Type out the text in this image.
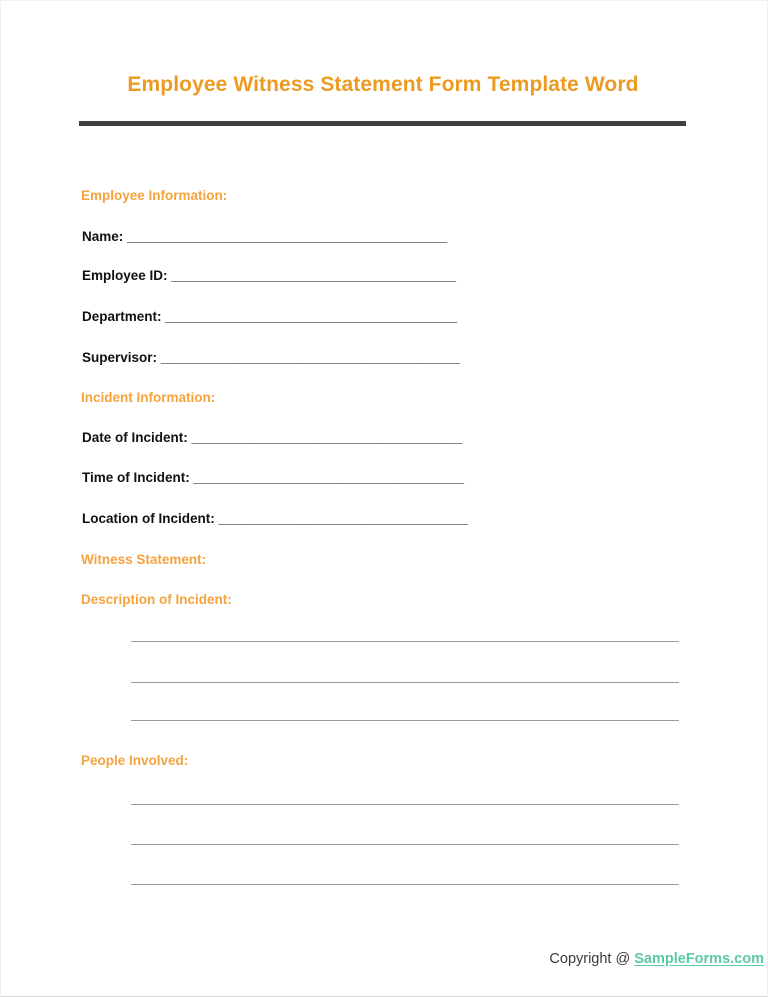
Employee Witness Statement Form Template Word
Employee Information:
Name: _____________________________________________
Employee ID: ________________________________________
Department: _________________________________________
Supervisor: __________________________________________
Incident Information:
Date of Incident: ______________________________________
Time of Incident: ______________________________________
Location of Incident: ___________________________________
Witness Statement:
Description of Incident:
People Involved:
Copyright @ SampleForms.com
